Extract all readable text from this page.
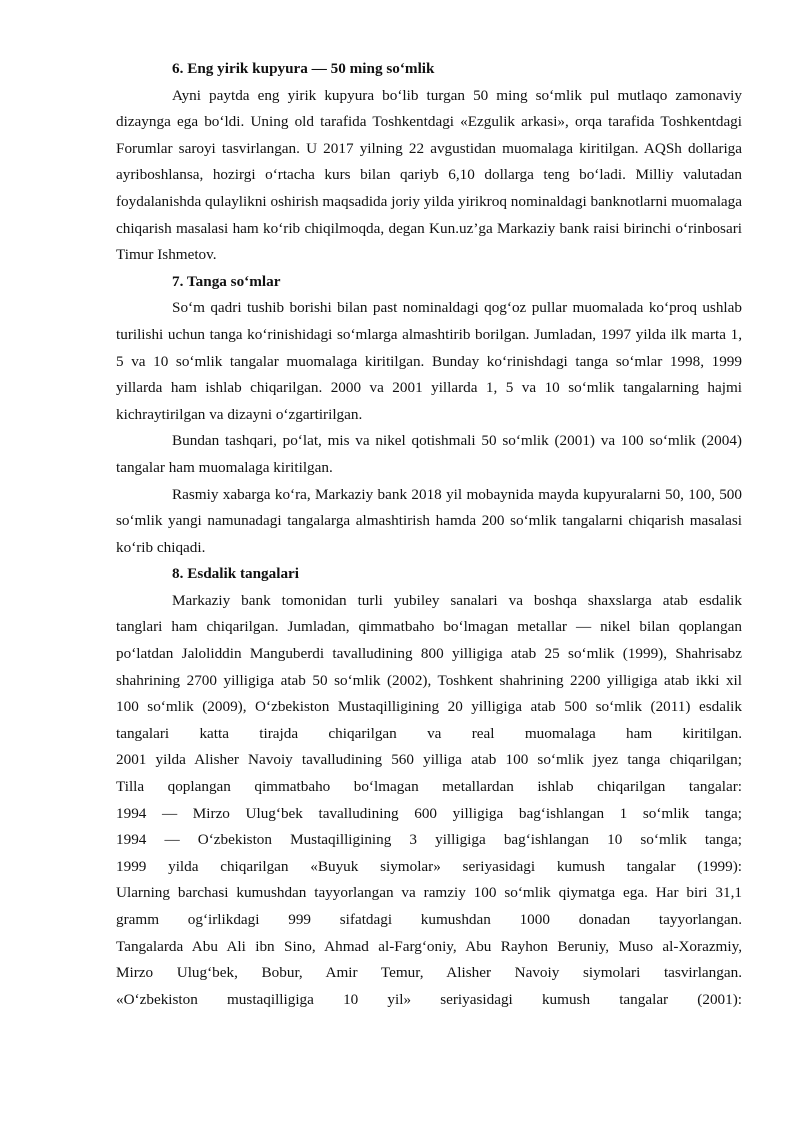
6. Eng yirik kupyura — 50 ming so‘mlik

Ayni paytda eng yirik kupyura bo‘lib turgan 50 ming so‘mlik pul mutlaqo zamonaviy dizaynga ega bo‘ldi. Uning old tarafida Toshkentdagi «Ezgulik arkasi», orqa tarafida Toshkentdagi Forumlar saroyi tasvirlangan. U 2017 yilning 22 avgustidan muomalaga kiritilgan. AQSh dollariga ayriboshlansa, hozirgi o‘rtacha kurs bilan qariyb 6,10 dollarga teng bo‘ladi. Milliy valutadan foydalanishda qulaylikni oshirish maqsadida joriy yilda yirikroq nominaldagi banknotlarni muomalaga chiqarish masalasi ham ko‘rib chiqilmoqda, degan Kun.uz’ga Markaziy bank raisi birinchi o‘rinbosari Timur Ishmetov.

7. Tanga so‘mlar

So‘m qadri tushib borishi bilan past nominaldagi qog‘oz pullar muomalada ko‘proq ushlab turilishi uchun tanga ko‘rinishidagi so‘mlarga almashtirib borilgan. Jumladan, 1997 yilda ilk marta 1, 5 va 10 so‘mlik tangalar muomalaga kiritilgan. Bunday ko‘rinishdagi tanga so‘mlar 1998, 1999 yillarda ham ishlab chiqarilgan. 2000 va 2001 yillarda 1, 5 va 10 so‘mlik tangalarning hajmi kichraytirilgan va dizayni o‘zgartirilgan.

Bundan tashqari, po‘lat, mis va nikel qotishmali 50 so‘mlik (2001) va 100 so‘mlik (2004) tangalar ham muomalaga kiritilgan.

Rasmiy xabarga ko‘ra, Markaziy bank 2018 yil mobaynida mayda kupyuralarni 50, 100, 500 so‘mlik yangi namunadagi tangalarga almashtirish hamda 200 so‘mlik tangalarni chiqarish masalasi ko‘rib chiqadi.

8. Esdalik tangalari

Markaziy bank tomonidan turli yubiley sanalari va boshqa shaxslarga atab esdalik
tanglari ham chiqarilgan. Jumladan, qimmatbaho bo‘lmagan metallar — nikel bilan qoplangan
po‘latdan Jaloliddin Manguberdi tavalludining 800 yilligiga atab 25 so‘mlik (1999), Shahrisabz
shahrining 2700 yilligiga atab 50 so‘mlik (2002), Toshkent shahrining 2200 yilligiga atab ikki xil
100 so‘mlik (2009), O‘zbekiston Mustaqilligining 20 yilligiga atab 500 so‘mlik (2011) esdalik
tangalari katta tirajda chiqarilgan va real muomalaga ham kiritilgan.
2001 yilda Alisher Navoiy tavalludining 560 yilliga atab 100 so‘mlik jyez tanga chiqarilgan;
Tilla qoplangan qimmatbaho bo‘lmagan metallardan ishlab chiqarilgan tangalar:
1994 — Mirzo Ulug‘bek tavalludining 600 yilligiga bag‘ishlangan 1 so‘mlik tanga;
1994 — O‘zbekiston Mustaqilligining 3 yilligiga bag‘ishlangan 10 so‘mlik tanga;
1999 yilda chiqarilgan «Buyuk siymolar» seriyasidagi kumush tangalar (1999):
Ularning barchasi kumushdan tayyorlangan va ramziy 100 so‘mlik qiymatga ega. Har biri 31,1
gramm og‘irlikdagi 999 sifatdagi kumushdan 1000 donadan tayyorlangan.
Tangalarda Abu Ali ibn Sino, Ahmad al-Farg‘oniy, Abu Rayhon Beruniy, Muso al-Xorazmiy,
Mirzo Ulug‘bek, Bobur, Amir Temur, Alisher Navoiy siymolari tasvirlangan.
«O‘zbekiston mustaqilligiga 10 yil» seriyasidagi kumush tangalar (2001):
